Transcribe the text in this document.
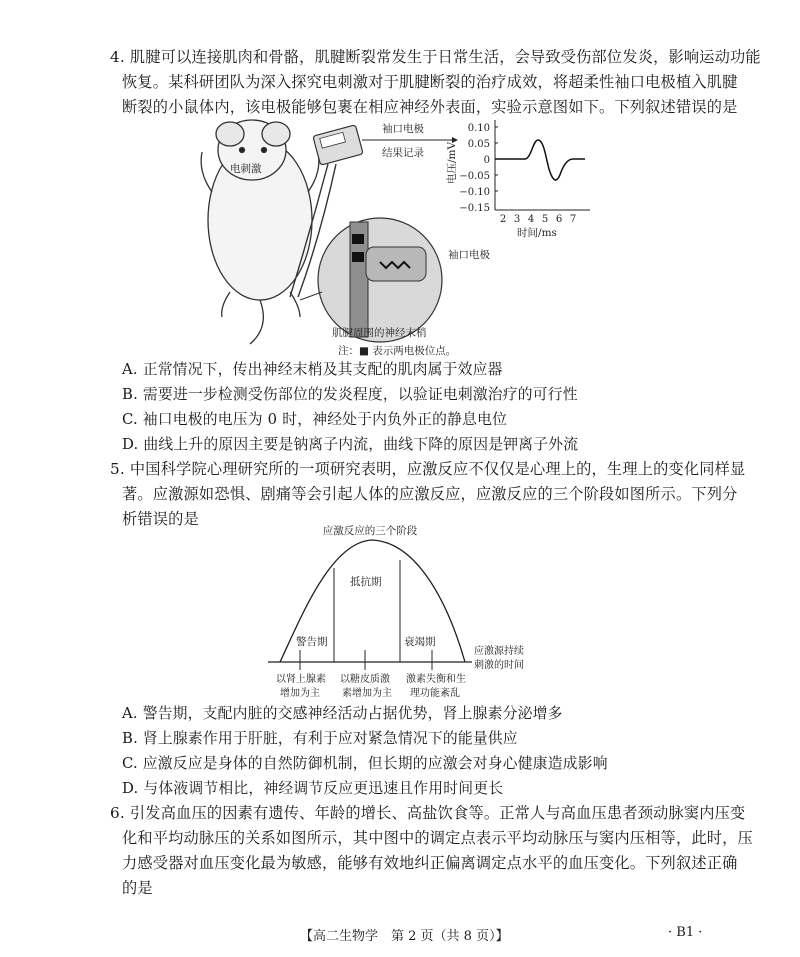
4. 肌腱可以连接肌肉和骨骼，肌腱断裂常发生于日常生活，会导致受伤部位发炎，影响运动功能
恢复。某科研团队为深入探究电刺激对于肌腱断裂的治疗成效，将超柔性袖口电极植入肌腱
断裂的小鼠体内，该电极能够包裹在相应神经外表面，实验示意图如下。下列叙述错误的是
电刺激
袖口电极
结果记录
袖口电极
肌腱周围的神经末梢
注：■ 表示两电极位点。
0.10
0.05
0
−0.05
−0.10
−0.15
电压/mV
2 3 4 5 6 7
时间/ms
A. 正常情况下，传出神经末梢及其支配的肌肉属于效应器
B. 需要进一步检测受伤部位的发炎程度，以验证电刺激治疗的可行性
C. 袖口电极的电压为 0 时，神经处于内负外正的静息电位
D. 曲线上升的原因主要是钠离子内流，曲线下降的原因是钾离子外流
5. 中国科学院心理研究所的一项研究表明，应激反应不仅仅是心理上的，生理上的变化同样显
著。应激源如恐惧、剧痛等会引起人体的应激反应，应激反应的三个阶段如图所示。下列分
析错误的是
应激反应的三个阶段
警告期
抵抗期
衰竭期
应激源持续
刺激的时间
以肾上腺素
增加为主
以糖皮质激
素增加为主
激素失衡和生
理功能紊乱
A. 警告期，支配内脏的交感神经活动占据优势，肾上腺素分泌增多
B. 肾上腺素作用于肝脏，有利于应对紧急情况下的能量供应
C. 应激反应是身体的自然防御机制，但长期的应激会对身心健康造成影响
D. 与体液调节相比，神经调节反应更迅速且作用时间更长
6. 引发高血压的因素有遗传、年龄的增长、高盐饮食等。正常人与高血压患者颈动脉窦内压变
化和平均动脉压的关系如图所示，其中图中的调定点表示平均动脉压与窦内压相等，此时，压
力感受器对血压变化最为敏感，能够有效地纠正偏离调定点水平的血压变化。下列叙述正确
的是
【高二生物学　第 2 页（共 8 页）】	· B1 ·
